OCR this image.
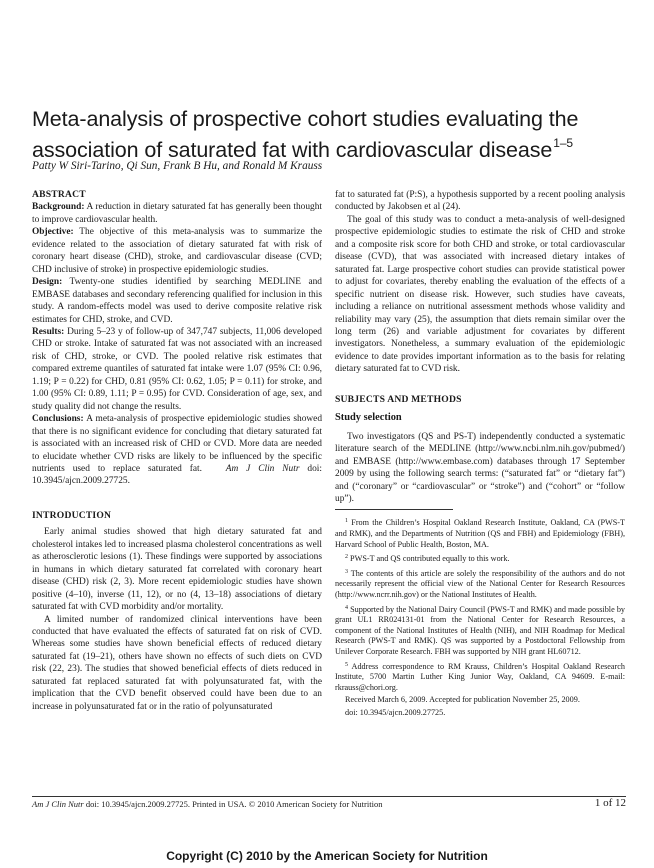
Meta-analysis of prospective cohort studies evaluating the association of saturated fat with cardiovascular disease$^{1-5}$
Patty W Siri-Tarino, Qi Sun, Frank B Hu, and Ronald M Krauss

ABSTRACT

Background: A reduction in dietary saturated fat has generally been thought to improve cardiovascular health.

Objective: The objective of this meta-analysis was to summarize the evidence related to the association of dietary saturated fat with risk of coronary heart disease (CHD), stroke, and cardiovascular disease (CVD; CHD inclusive of stroke) in prospective epidemiologic studies.

Design: Twenty-one studies identified by searching MEDLINE and EMBASE databases and secondary referencing qualified for inclusion in this study. A random-effects model was used to derive composite relative risk estimates for CHD, stroke, and CVD.

Results: During 5–23 y of follow-up of 347,747 subjects, 11,006 developed CHD or stroke. Intake of saturated fat was not associated with an increased risk of CHD, stroke, or CVD. The pooled relative risk estimates that compared extreme quantiles of saturated fat intake were 1.07 (95% CI: 0.96, 1.19; P = 0.22) for CHD, 0.81 (95% CI: 0.62, 1.05; P = 0.11) for stroke, and 1.00 (95% CI: 0.89, 1.11; P = 0.95) for CVD. Consideration of age, sex, and study quality did not change the results.

Conclusions: A meta-analysis of prospective epidemiologic studies showed that there is no significant evidence for concluding that dietary saturated fat is associated with an increased risk of CHD or CVD. More data are needed to elucidate whether CVD risks are likely to be influenced by the specific nutrients used to replace saturated fat.	Am J Clin Nutr doi: 10.3945/ajcn.2009.27725.

INTRODUCTION

Early animal studies showed that high dietary saturated fat and cholesterol intakes led to increased plasma cholesterol concentrations as well as atherosclerotic lesions (1). These findings were supported by associations in humans in which dietary saturated fat correlated with coronary heart disease (CHD) risk (2, 3). More recent epidemiologic studies have shown positive (4–10), inverse (11, 12), or no (4, 13–18) associations of dietary saturated fat with CVD morbidity and/or mortality.

A limited number of randomized clinical interventions have been conducted that have evaluated the effects of saturated fat on risk of CVD. Whereas some studies have shown beneficial effects of reduced dietary saturated fat (19–21), others have shown no effects of such diets on CVD risk (22, 23). The studies that showed beneficial effects of diets reduced in saturated fat replaced saturated fat with polyunsaturated fat, with the implication that the CVD benefit observed could have been due to an increase in polyunsaturated fat or in the ratio of polyunsaturated

fat to saturated fat (P:S), a hypothesis supported by a recent pooling analysis conducted by Jakobsen et al (24).

The goal of this study was to conduct a meta-analysis of well-designed prospective epidemiologic studies to estimate the risk of CHD and stroke and a composite risk score for both CHD and stroke, or total cardiovascular disease (CVD), that was associated with increased dietary intakes of saturated fat. Large prospective cohort studies can provide statistical power to adjust for covariates, thereby enabling the evaluation of the effects of a specific nutrient on disease risk. However, such studies have caveats, including a reliance on nutritional assessment methods whose validity and reliability may vary (25), the assumption that diets remain similar over the long term (26) and variable adjustment for covariates by different investigators. Nonetheless, a summary evaluation of the epidemiologic evidence to date provides important information as to the basis for relating dietary saturated fat to CVD risk.

SUBJECTS AND METHODS

Study selection

Two investigators (QS and PS-T) independently conducted a systematic literature search of the MEDLINE (http://www.ncbi.nlm.nih.gov/pubmed/) and EMBASE (http://www.embase.com) databases through 17 September 2009 by using the following search terms: (“saturated fat” or “dietary fat”) and (“coronary” or “cardiovascular” or “stroke”) and (“cohort” or “follow up”).

$^1$ From the Children’s Hospital Oakland Research Institute, Oakland, CA (PWS-T and RMK), and the Departments of Nutrition (QS and FBH) and Epidemiology (FBH), Harvard School of Public Health, Boston, MA.

$^2$ PWS-T and QS contributed equally to this work.

$^3$ The contents of this article are solely the responsibility of the authors and do not necessarily represent the official view of the National Center for Research Resources (http://www.ncrr.nih.gov) or the National Institutes of Health.

$^4$ Supported by the National Dairy Council (PWS-T and RMK) and made possible by grant UL1 RR024131-01 from the National Center for Research Resources, a component of the National Institutes of Health (NIH), and NIH Roadmap for Medical Research (PWS-T and RMK). QS was supported by a Postdoctoral Fellowship from Unilever Corporate Research. FBH was supported by NIH grant HL60712.

$^5$ Address correspondence to RM Krauss, Children’s Hospital Oakland Research Institute, 5700 Martin Luther King Junior Way, Oakland, CA 94609. E-mail: rkrauss@chori.org.

Received March 6, 2009. Accepted for publication November 25, 2009.

doi: 10.3945/ajcn.2009.27725.

Am J Clin Nutr doi: 10.3945/ajcn.2009.27725. Printed in USA. © 2010 American Society for Nutrition	1 of 12
Copyright (C) 2010 by the American Society for Nutrition
